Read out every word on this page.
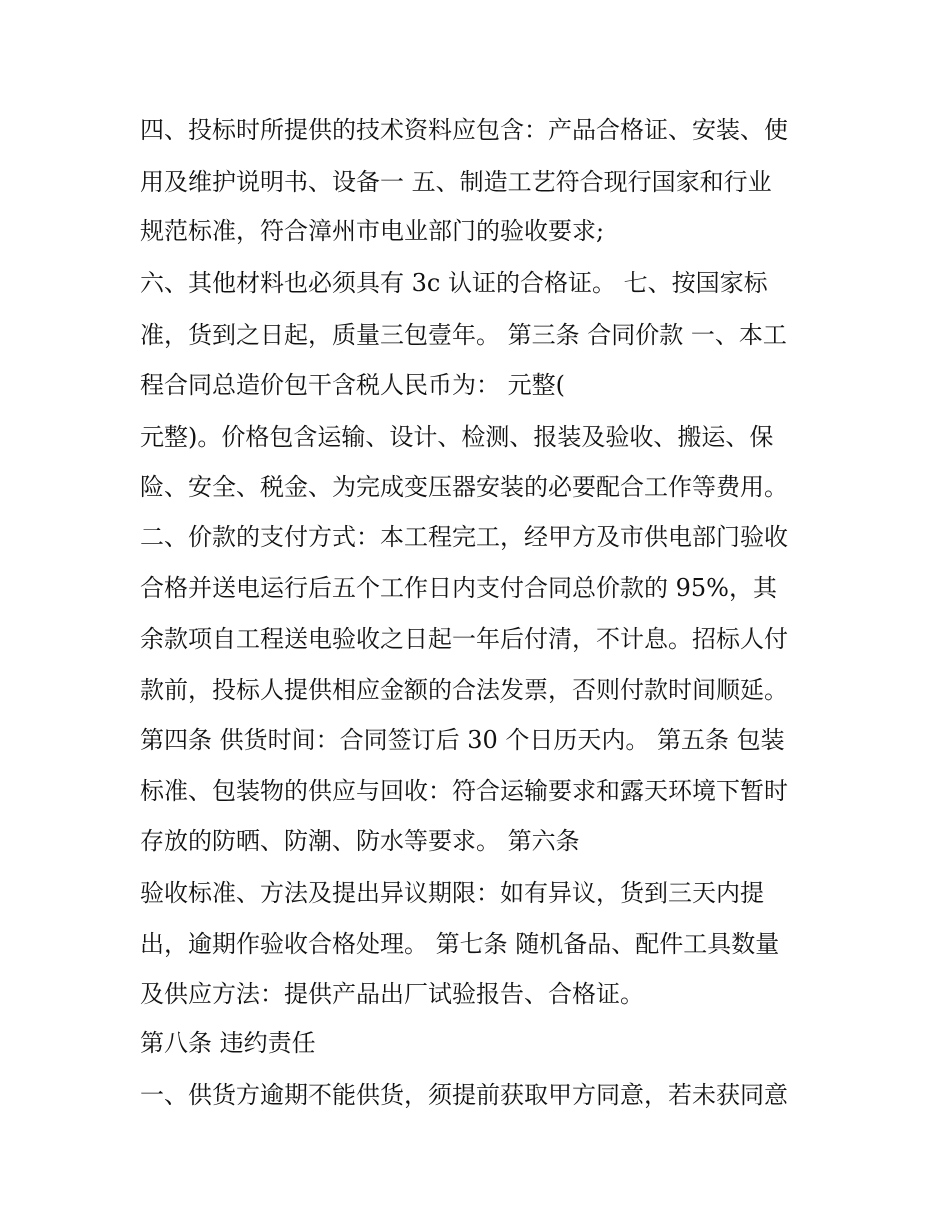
四、投标时所提供的技术资料应包含：产品合格证、安装、使

用及维护说明书、设备一 五、制造工艺符合现行国家和行业

规范标准，符合漳州市电业部门的验收要求;

六、其他材料也必须具有 3c 认证的合格证。 七、按国家标

准，货到之日起，质量三包壹年。 第三条 合同价款 一、本工

程合同总造价包干含税人民币为： 元整(

元整)。价格包含运输、设计、检测、报装及验收、搬运、保

险、安全、税金、为完成变压器安装的必要配合工作等费用。

二、价款的支付方式：本工程完工，经甲方及市供电部门验收

合格并送电运行后五个工作日内支付合同总价款的 95%，其

余款项自工程送电验收之日起一年后付清，不计息。招标人付

款前，投标人提供相应金额的合法发票，否则付款时间顺延。

第四条 供货时间：合同签订后 30 个日历天内。 第五条 包装

标准、包装物的供应与回收：符合运输要求和露天环境下暂时

存放的防晒、防潮、防水等要求。 第六条

验收标准、方法及提出异议期限：如有异议，货到三天内提

出，逾期作验收合格处理。 第七条 随机备品、配件工具数量

及供应方法：提供产品出厂试验报告、合格证。

第八条 违约责任

一、供货方逾期不能供货，须提前获取甲方同意，若未获同意
